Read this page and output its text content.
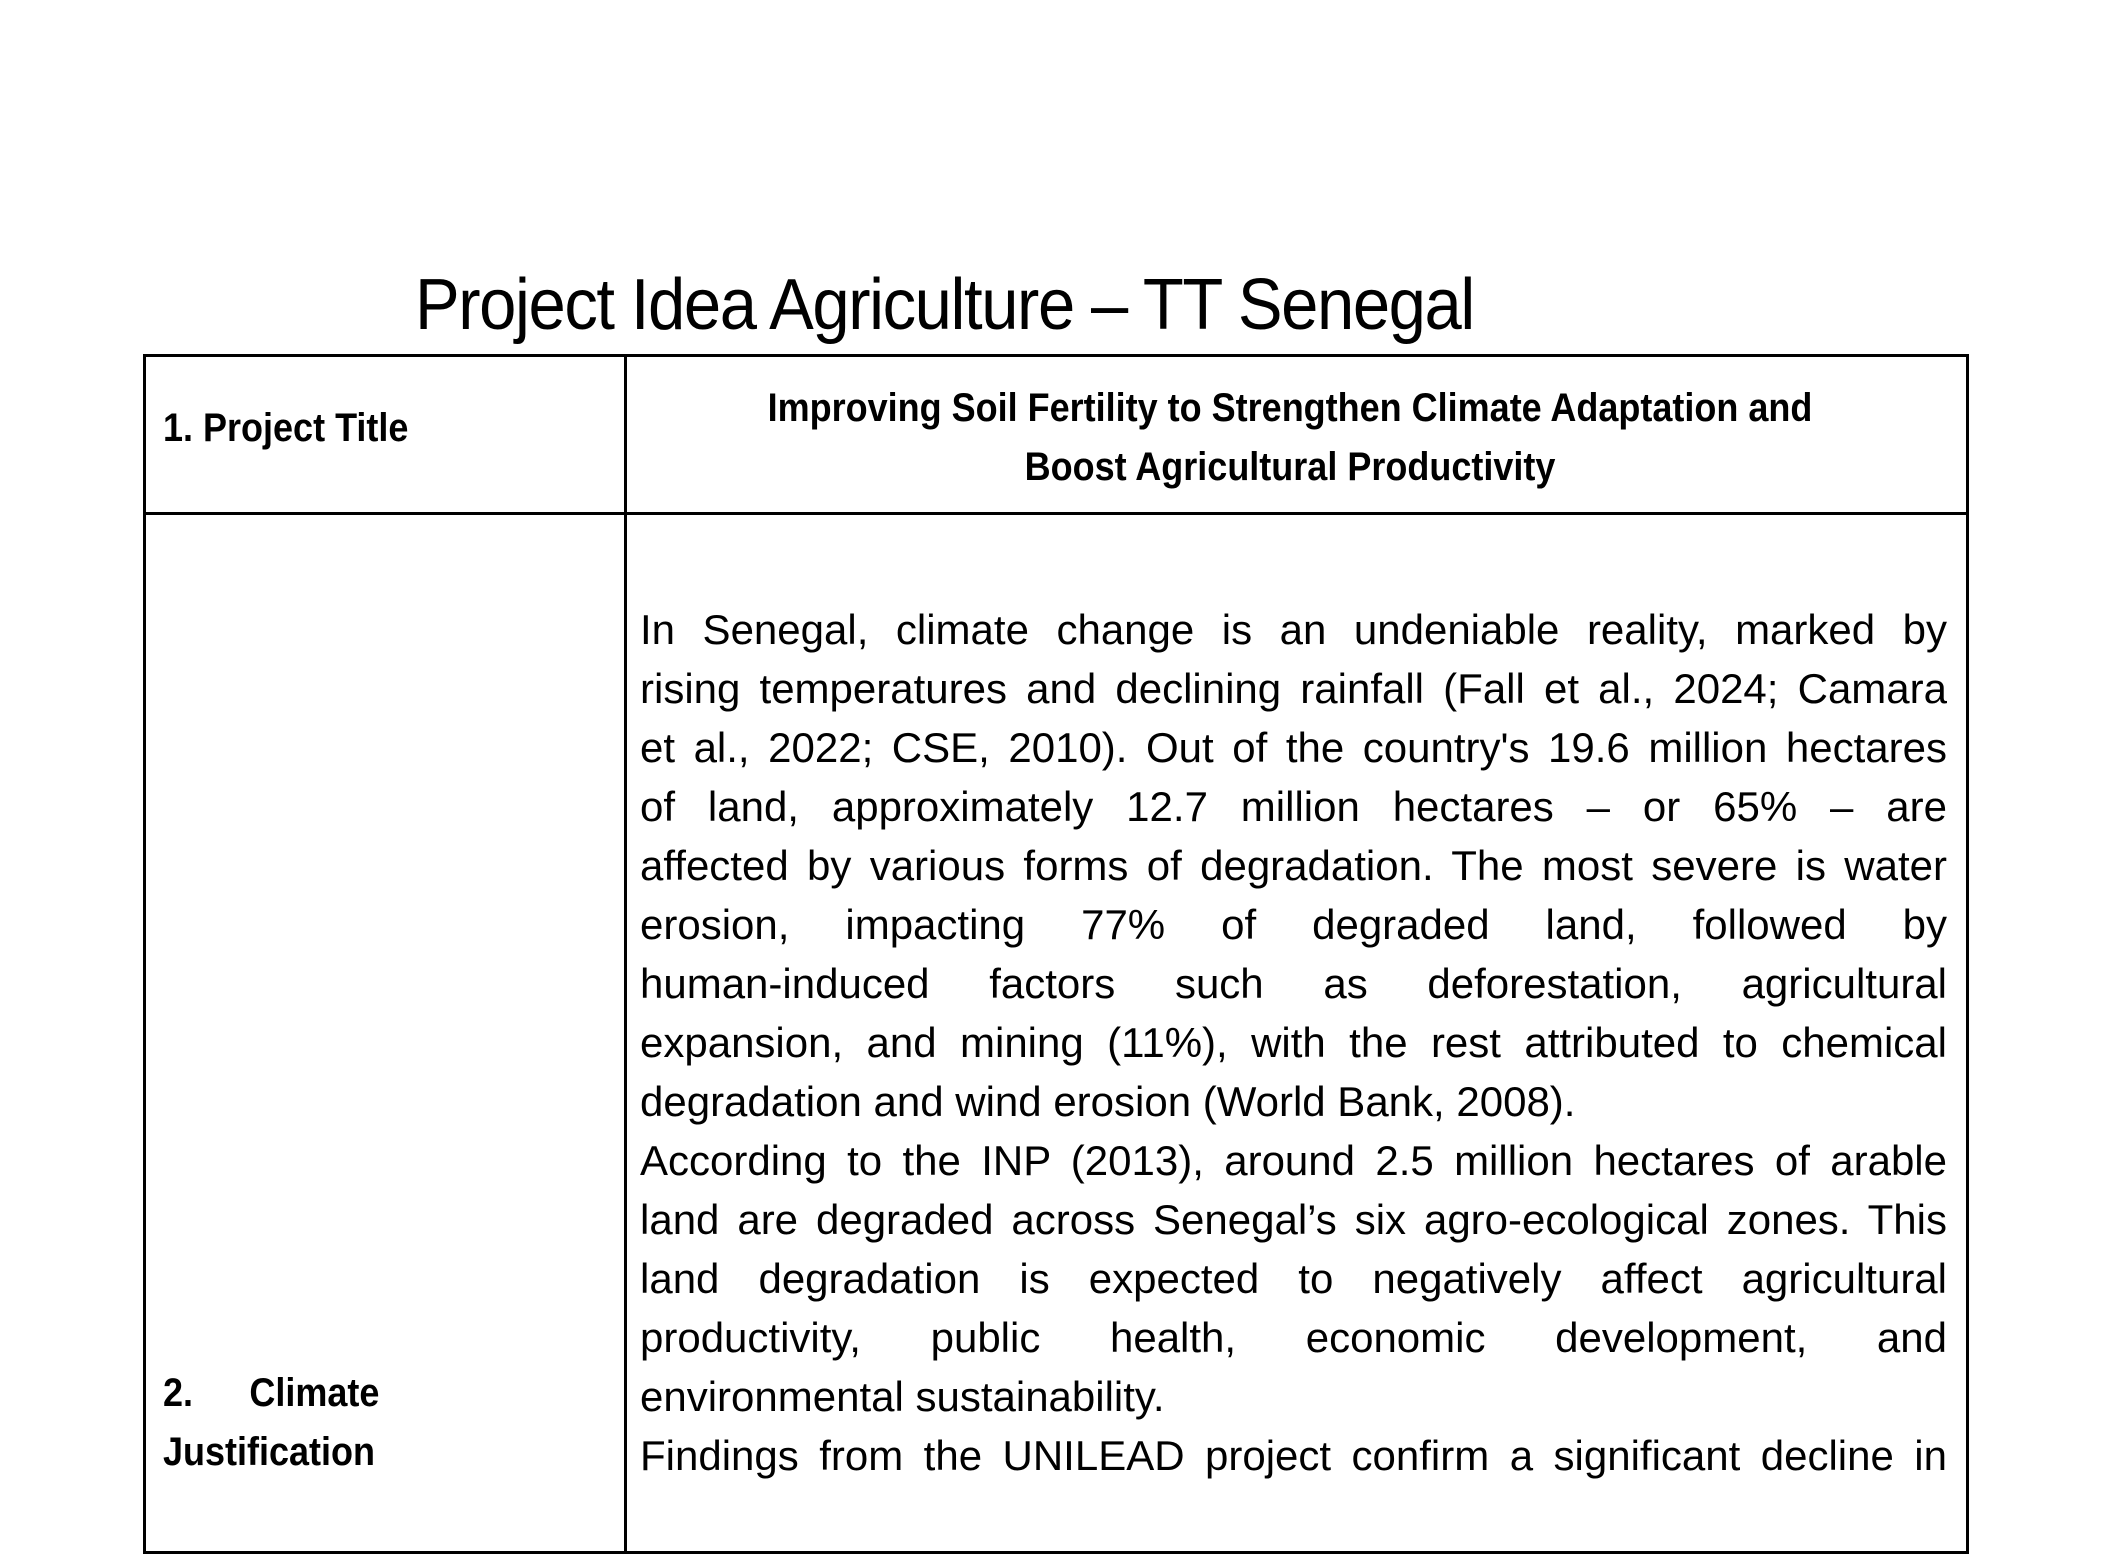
Project Idea Agriculture – TT Senegal
1. Project Title	Improving Soil Fertility to Strengthen Climate Adaptation and
Boost Agricultural Productivity
2. Climate
Justification
In Senegal, climate change is an undeniable reality, marked by
rising temperatures and declining rainfall (Fall et al., 2024; Camara
et al., 2022; CSE, 2010). Out of the country's 19.6 million hectares
of land, approximately 12.7 million hectares – or 65% – are
affected by various forms of degradation. The most severe is water
erosion, impacting 77% of degraded land, followed by
human-induced factors such as deforestation, agricultural
expansion, and mining (11%), with the rest attributed to chemical
degradation and wind erosion (World Bank, 2008).
According to the INP (2013), around 2.5 million hectares of arable
land are degraded across Senegal’s six agro-ecological zones. This
land degradation is expected to negatively affect agricultural
productivity, public health, economic development, and
environmental sustainability.
Findings from the UNILEAD project confirm a significant decline in
